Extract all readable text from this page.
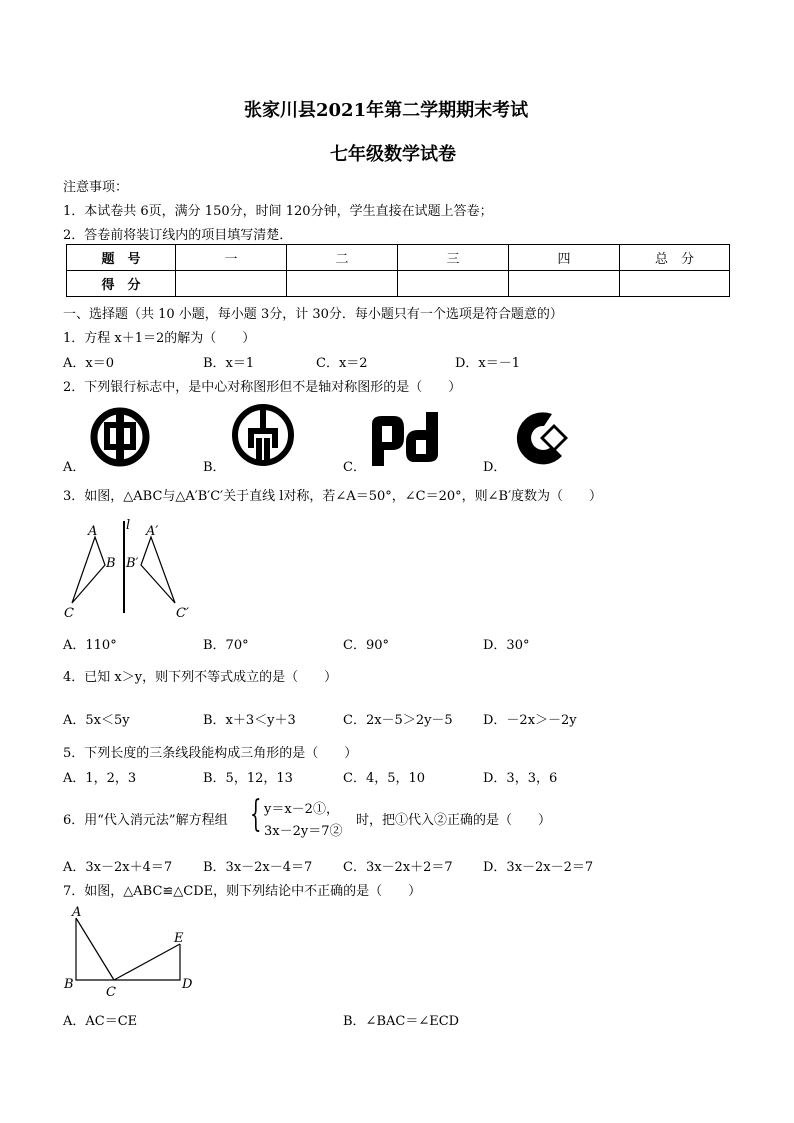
张家川县2021年第二学期期末考试
七年级数学试卷
注意事项：
1．本试卷共 6页，满分 150分，时间 120分钟，学生直接在试题上答卷；
2．答卷前将装订线内的项目填写清楚．
题　号	一	二	三	四	总　分
得　分					
一、选择题（共 10 小题，每小题 3分，计 30分．每小题只有一个选项是符合题意的）
1．方程 x＋1＝2的解为（　　）
A．x＝0	B．x＝1	C．x＝2	D．x＝－1
2．下列银行标志中，是中心对称图形但不是轴对称图形的是（　　）
A．	B．	C．	D．
3．如图，△ABC与△A′B′C′关于直线 l对称，若∠A＝50°，∠C＝20°，则∠B′度数为（　　）
l
A
B
C
A′
B′
C′
A．110°	B．70°	C．90°	D．30°
4．已知 x＞y，则下列不等式成立的是（　　）
A．5x＜5y	B．x＋3＜y＋3	C．2x－5＞2y－5 D．－2x＞－2y
5．下列长度的三条线段能构成三角形的是（　　）
A．1，2，3	B．5，12，13	C．4，5，10	D．3，3，6
6．用“代入消元法”解方程组 { y＝x－2①，
3x－2y＝7②
时，把①代入②正确的是（　　）
A．3x－2x＋4＝7 B．3x－2x－4＝7 C．3x－2x＋2＝7 D．3x－2x－2＝7
7．如图，△ABC≌△CDE，则下列结论中不正确的是（　　）
A
B
C
D
E
A．AC＝CE	B．∠BAC＝∠ECD
